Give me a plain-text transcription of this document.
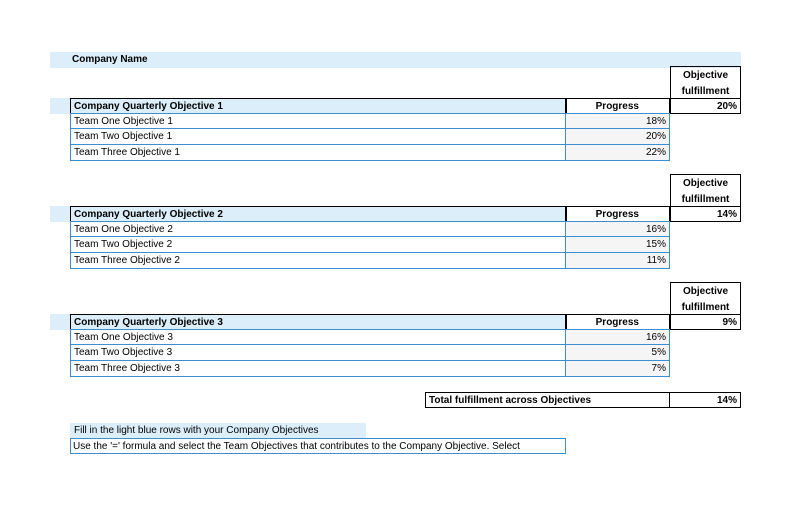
Company Name
Objective fulfillment
Company Quarterly Objective 1	Progress	20%
Team One Objective 1	18%
Team Two Objective 1	20%
Team Three Objective 1	22%
Objective fulfillment
Company Quarterly Objective 2	Progress	14%
Team One Objective 2	16%
Team Two Objective 2	15%
Team Three Objective 2	11%
Objective fulfillment
Company Quarterly Objective 3	Progress	9%
Team One Objective 3	16%
Team Two Objective 3	5%
Team Three Objective 3	7%
Total fulfillment across Objectives	14%
Fill in the light blue rows with your Company Objectives
Use the '=' formula and select the Team Objectives that contributes to the Company Objective. Select
